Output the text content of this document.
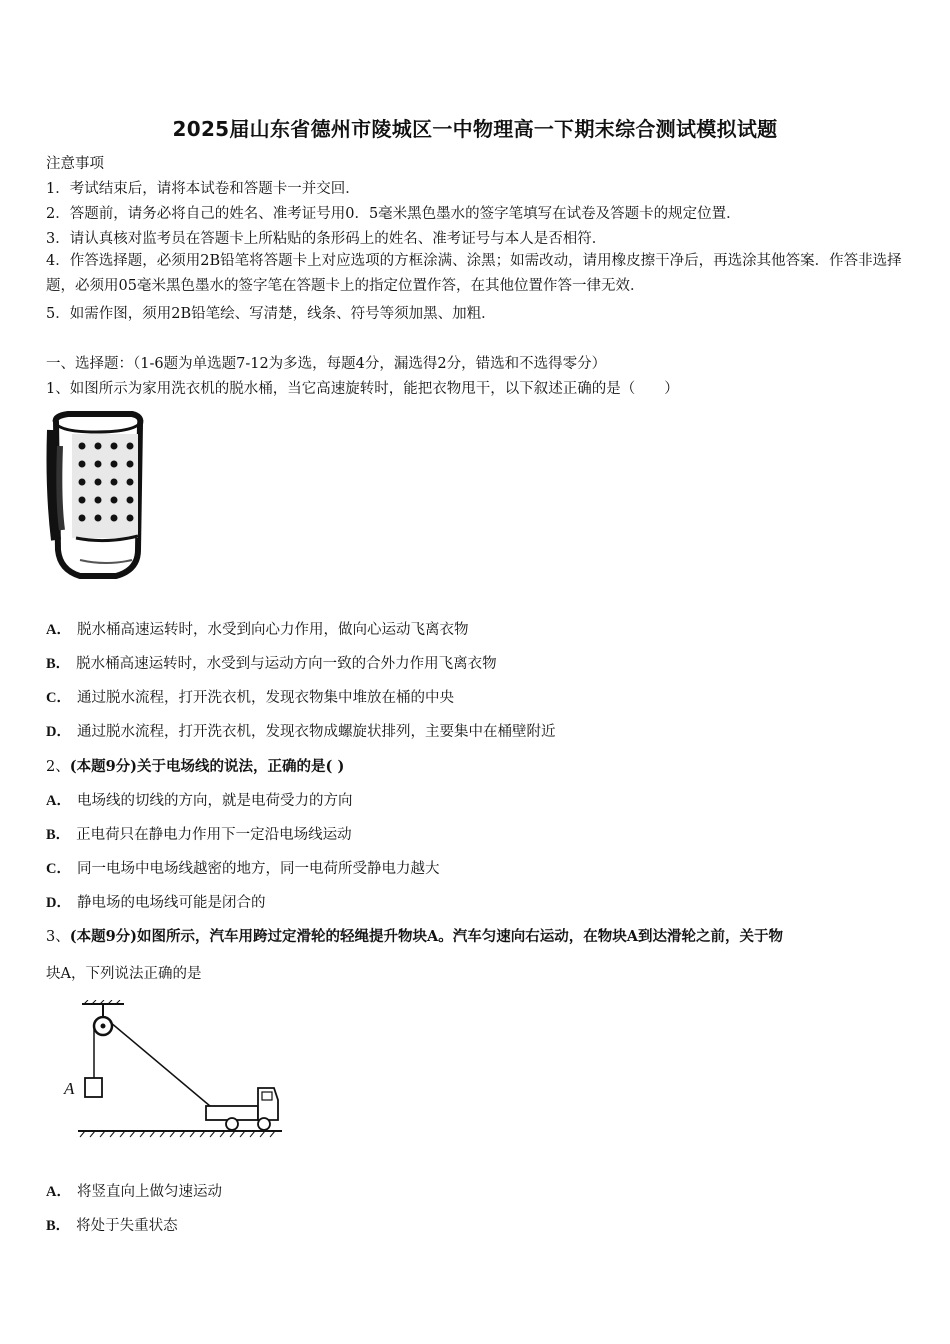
2025届山东省德州市陵城区一中物理高一下期末综合测试模拟试题
注意事项
1．考试结束后，请将本试卷和答题卡一并交回．
2．答题前，请务必将自己的姓名、准考证号用0．5毫米黑色墨水的签字笔填写在试卷及答题卡的规定位置．
3．请认真核对监考员在答题卡上所粘贴的条形码上的姓名、准考证号与本人是否相符．
4．作答选择题，必须用2B铅笔将答题卡上对应选项的方框涂满、涂黑；如需改动，请用橡皮擦干净后，再选涂其他答案．作答非选择题，必须用05毫米黑色墨水的签字笔在答题卡上的指定位置作答，在其他位置作答一律无效．
5．如需作图，须用2B铅笔绘、写清楚，线条、符号等须加黑、加粗．
一、选择题：（1-6题为单选题7-12为多选，每题4分，漏选得2分，错选和不选得零分）
1、如图所示为家用洗衣机的脱水桶，当它高速旋转时，能把衣物甩干，以下叙述正确的是（　　）
A． 脱水桶高速运转时，水受到向心力作用，做向心运动飞离衣物
B． 脱水桶高速运转时，水受到与运动方向一致的合外力作用飞离衣物
C． 通过脱水流程，打开洗衣机，发现衣物集中堆放在桶的中央
D． 通过脱水流程，打开洗衣机，发现衣物成螺旋状排列，主要集中在桶壁附近
2、(本题9分)关于电场线的说法，正确的是( )
A． 电场线的切线的方向，就是电荷受力的方向
B． 正电荷只在静电力作用下一定沿电场线运动
C． 同一电场中电场线越密的地方，同一电荷所受静电力越大
D． 静电场的电场线可能是闭合的
3、(本题9分)如图所示，汽车用跨过定滑轮的轻绳提升物块A。汽车匀速向右运动，在物块A到达滑轮之前，关于物
块A，下列说法正确的是
A
A． 将竖直向上做匀速运动
B． 将处于失重状态
